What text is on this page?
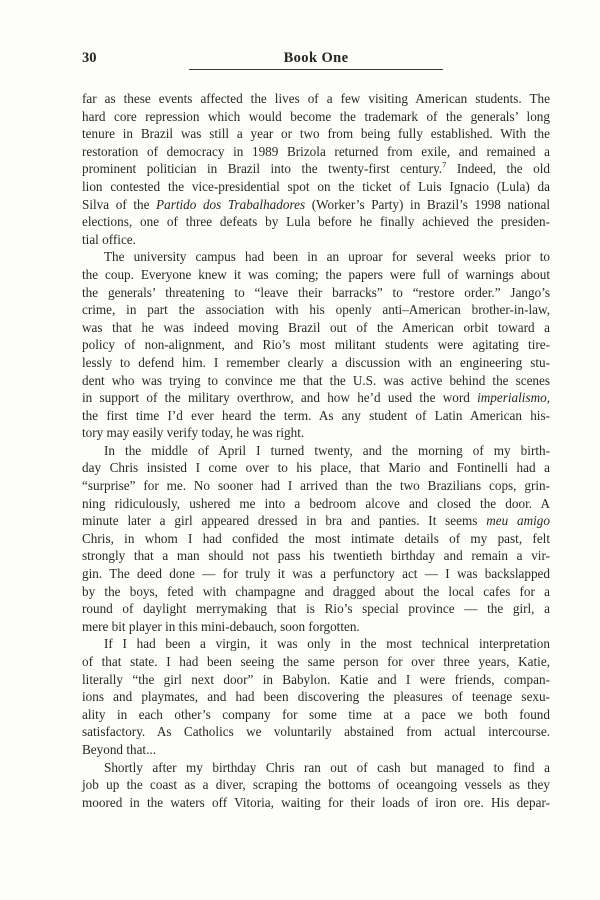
30	Book One
far as these events affected the lives of a few visiting American students. The
hard core repression which would become the trademark of the generals’ long
tenure in Brazil was still a year or two from being fully established. With the
restoration of democracy in 1989 Brizola returned from exile, and remained a
prominent politician in Brazil into the twenty-first century.$^7$ Indeed, the old
lion contested the vice-presidential spot on the ticket of Luis Ignacio (Lula) da
Silva of the Partido dos Trabalhadores (Worker’s Party) in Brazil’s 1998 national
elections, one of three defeats by Lula before he finally achieved the presiden-
tial office.
The university campus had been in an uproar for several weeks prior to
the coup. Everyone knew it was coming; the papers were full of warnings about
the generals’ threatening to “leave their barracks” to “restore order.” Jango’s
crime, in part the association with his openly anti–American brother-in-law,
was that he was indeed moving Brazil out of the American orbit toward a
policy of non-alignment, and Rio’s most militant students were agitating tire-
lessly to defend him. I remember clearly a discussion with an engineering stu-
dent who was trying to convince me that the U.S. was active behind the scenes
in support of the military overthrow, and how he’d used the word imperialismo,
the first time I’d ever heard the term. As any student of Latin American his-
tory may easily verify today, he was right.
In the middle of April I turned twenty, and the morning of my birth-
day Chris insisted I come over to his place, that Mario and Fontinelli had a
“surprise” for me. No sooner had I arrived than the two Brazilians cops, grin-
ning ridiculously, ushered me into a bedroom alcove and closed the door. A
minute later a girl appeared dressed in bra and panties. It seems meu amigo
Chris, in whom I had confided the most intimate details of my past, felt
strongly that a man should not pass his twentieth birthday and remain a vir-
gin. The deed done — for truly it was a perfunctory act — I was backslapped
by the boys, feted with champagne and dragged about the local cafes for a
round of daylight merrymaking that is Rio’s special province — the girl, a
mere bit player in this mini-debauch, soon forgotten.
If I had been a virgin, it was only in the most technical interpretation
of that state. I had been seeing the same person for over three years, Katie,
literally “the girl next door” in Babylon. Katie and I were friends, compan-
ions and playmates, and had been discovering the pleasures of teenage sexu-
ality in each other’s company for some time at a pace we both found
satisfactory. As Catholics we voluntarily abstained from actual intercourse.
Beyond that...
Shortly after my birthday Chris ran out of cash but managed to find a
job up the coast as a diver, scraping the bottoms of oceangoing vessels as they
moored in the waters off Vitoria, waiting for their loads of iron ore. His depar-
